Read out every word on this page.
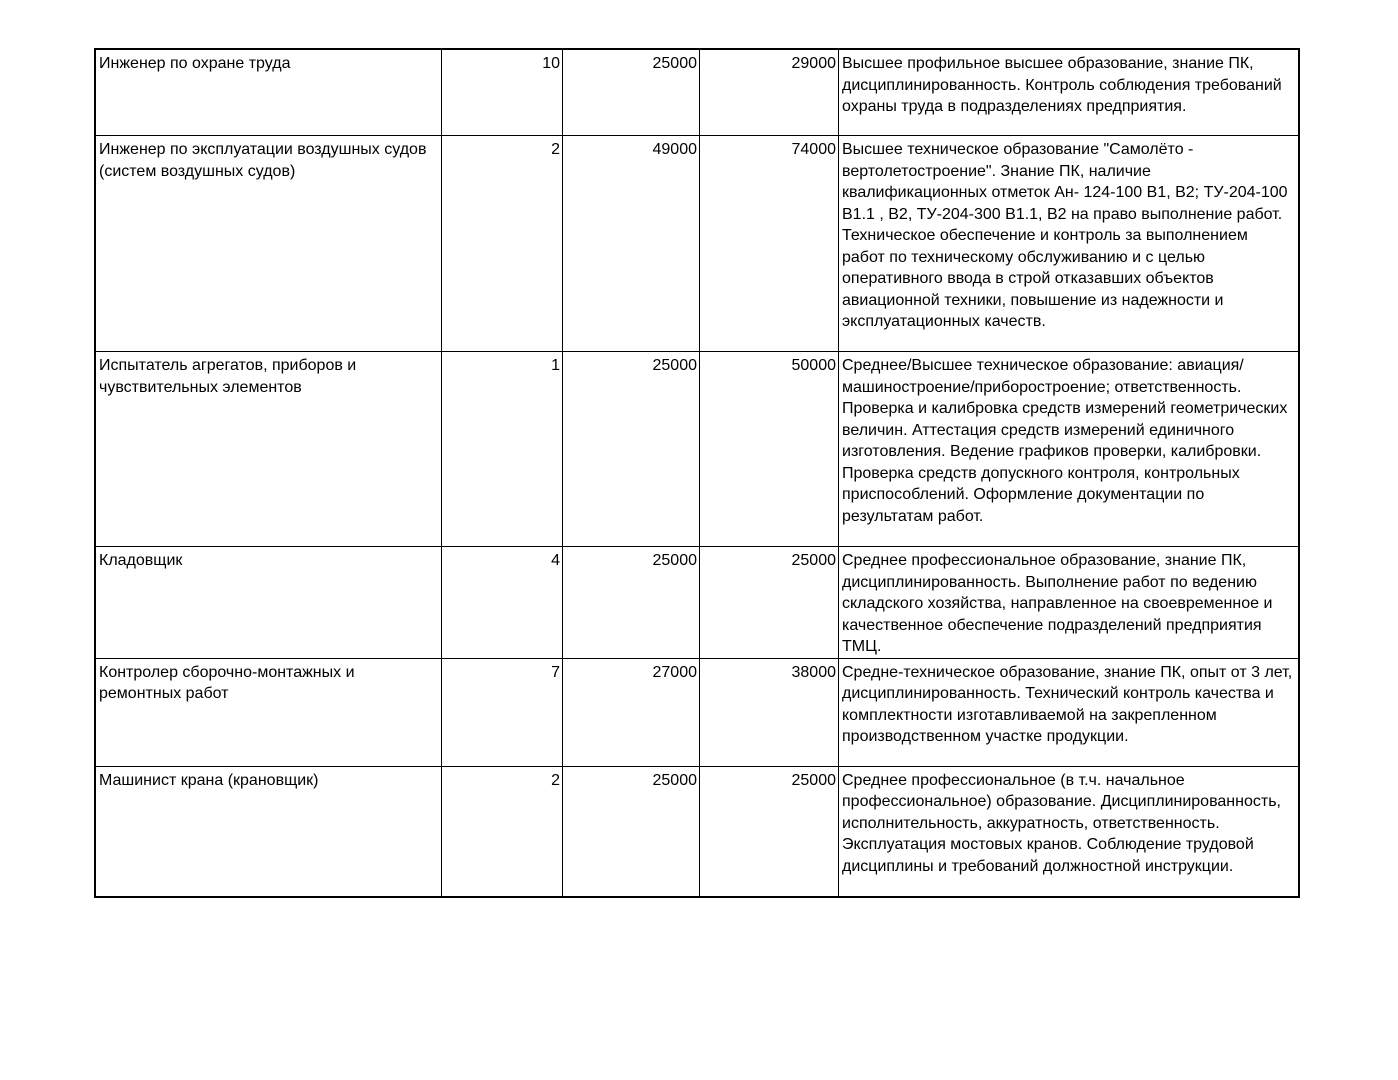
Инженер по охране труда	10	25000	29000	Высшее профильное высшее образование, знание ПК, дисциплинированность. Контроль соблюдения требований охраны труда в подразделениях предприятия.
Инженер по эксплуатации воздушных судов (систем воздушных судов)	2	49000	74000	Высшее техническое образование "Самолёто - вертолетостроение". Знание ПК, наличие квалификационных отметок Ан- 124-100 В1, В2; ТУ-204-100 В1.1 , В2, ТУ-204-300 В1.1, В2 на право выполнение работ. Техническое обеспечение и контроль за выполнением работ по техническому обслуживанию и с целью оперативного ввода в строй отказавших объектов авиационной техники, повышение из надежности и эксплуатационных качеств.
Испытатель агрегатов, приборов и чувствительных элементов	1	25000	50000	Среднее/Высшее техническое образование: авиация/машиностроение/приборостроение; ответственность. Проверка и калибровка средств измерений геометрических величин. Аттестация средств измерений единичного изготовления. Ведение графиков проверки, калибровки. Проверка средств допускного контроля, контрольных приспособлений. Оформление документации по результатам работ.
Кладовщик	4	25000	25000	Среднее профессиональное образование, знание ПК, дисциплинированность. Выполнение работ по ведению складского хозяйства, направленное на своевременное и качественное обеспечение подразделений предприятия ТМЦ.
Контролер сборочно-монтажных и ремонтных работ	7	27000	38000	Средне-техническое образование, знание ПК, опыт от 3 лет, дисциплинированность. Технический контроль качества и комплектности изготавливаемой на закрепленном производственном участке продукции.
Машинист крана (крановщик)	2	25000	25000	Среднее профессиональное (в т.ч. начальное профессиональное) образование. Дисциплинированность, исполнительность, аккуратность, ответственность. Эксплуатация мостовых кранов. Соблюдение трудовой дисциплины и требований должностной инструкции.
